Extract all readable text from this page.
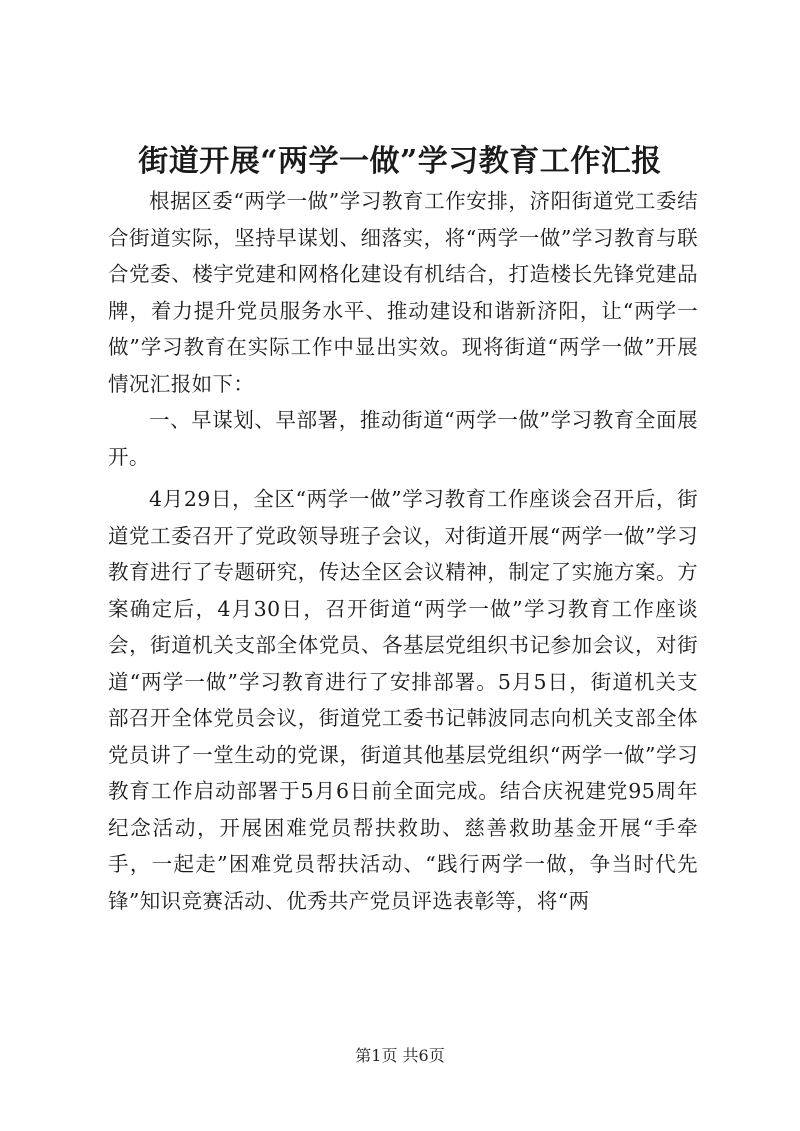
街道开展“两学一做”学习教育工作汇报

根据区委“两学一做”学习教育工作安排，济阳街道党工委结合街道实际，坚持早谋划、细落实，将“两学一做”学习教育与联合党委、楼宇党建和网格化建设有机结合，打造楼长先锋党建品牌，着力提升党员服务水平、推动建设和谐新济阳，让“两学一做”学习教育在实际工作中显出实效。现将街道“两学一做”开展情况汇报如下：

一、早谋划、早部署，推动街道“两学一做”学习教育全面展开。

4月29日，全区“两学一做”学习教育工作座谈会召开后，街道党工委召开了党政领导班子会议，对街道开展“两学一做”学习教育进行了专题研究，传达全区会议精神，制定了实施方案。方案确定后，4月30日，召开街道“两学一做”学习教育工作座谈会，街道机关支部全体党员、各基层党组织书记参加会议，对街道“两学一做”学习教育进行了安排部署。5月5日，街道机关支部召开全体党员会议，街道党工委书记韩波同志向机关支部全体党员讲了一堂生动的党课，街道其他基层党组织“两学一做”学习教育工作启动部署于5月6日前全面完成。结合庆祝建党95周年纪念活动，开展困难党员帮扶救助、慈善救助基金开展“手牵手，一起走”困难党员帮扶活动、“践行两学一做，争当时代先锋”知识竞赛活动、优秀共产党员评选表彰等，将“两

第1页 共6页
